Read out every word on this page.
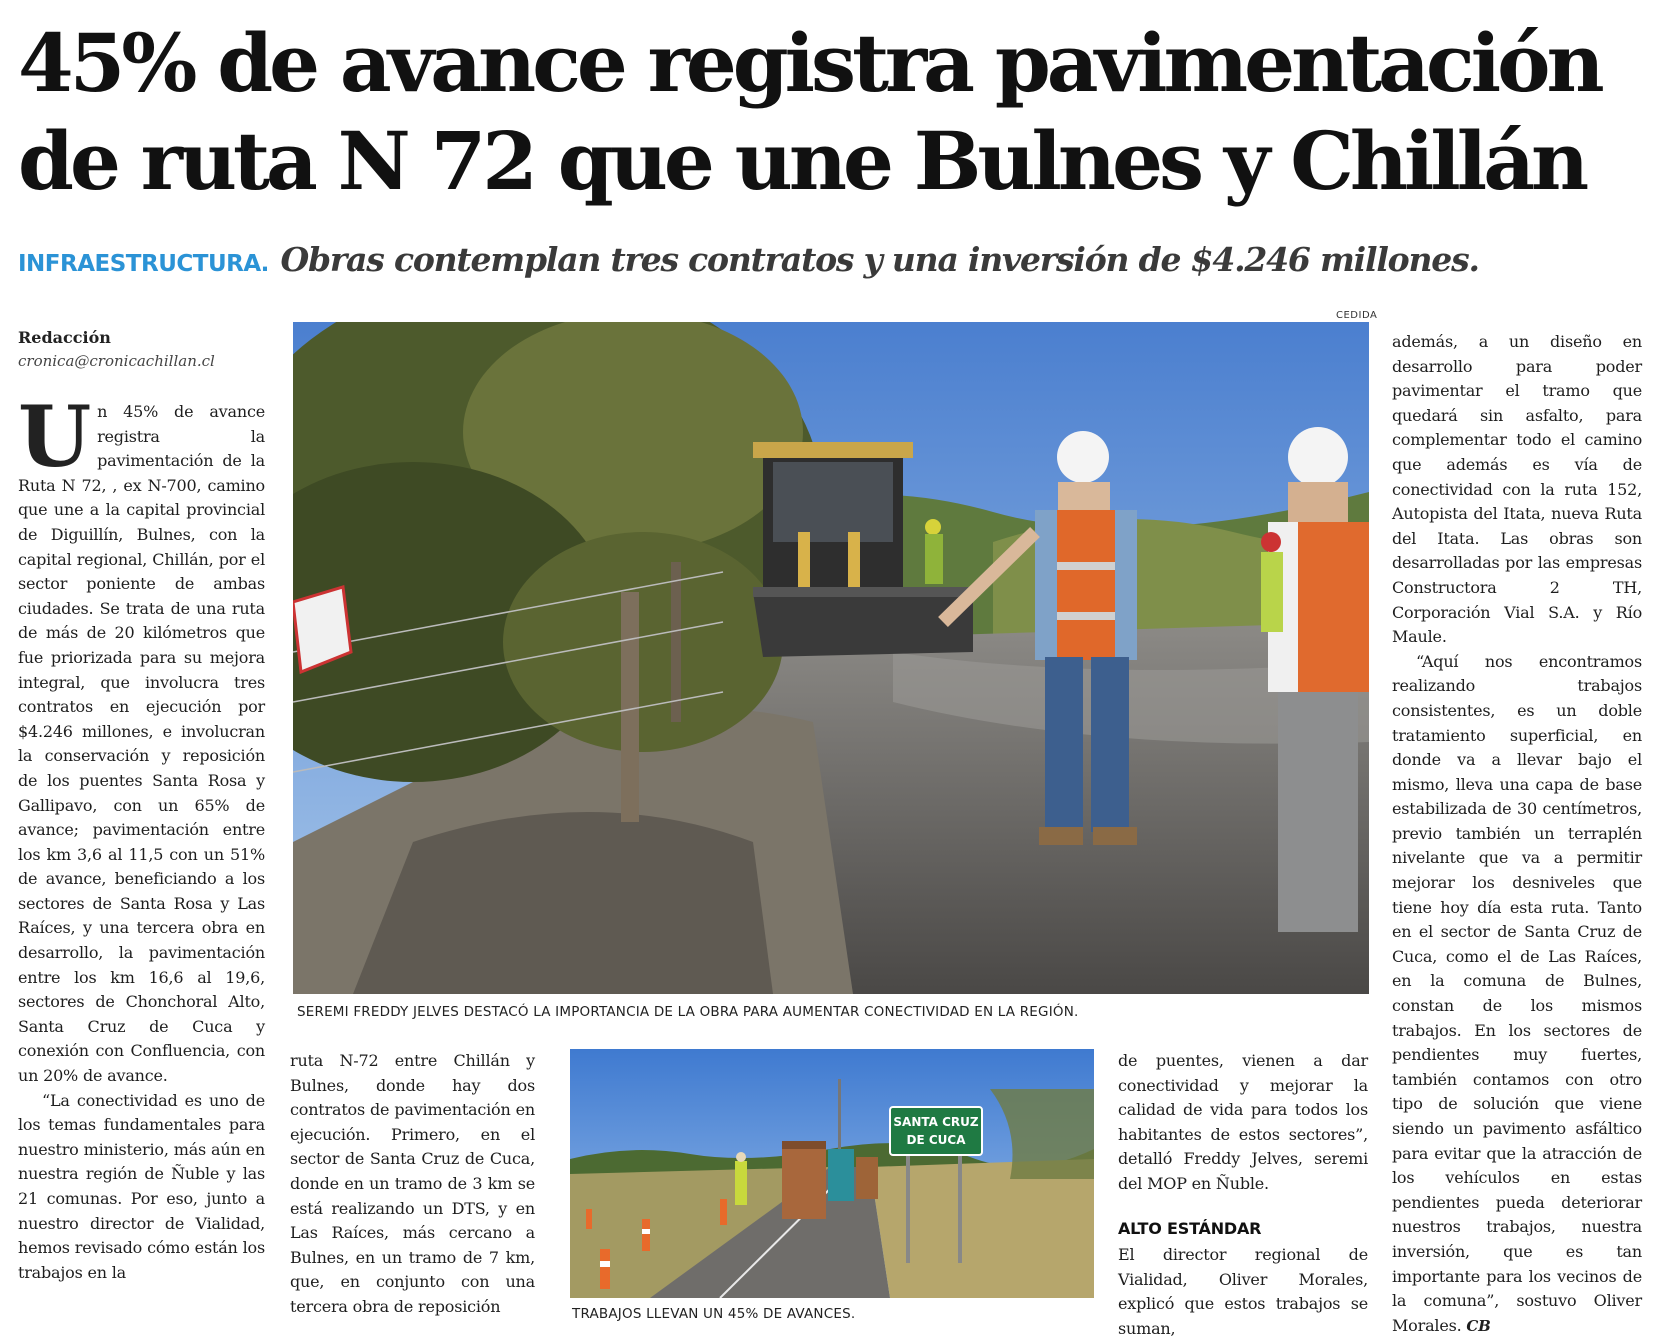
45% de avance registra pavimentación
de ruta N 72 que une Bulnes y Chillán
INFRAESTRUCTURA. Obras contemplan tres contratos y una inversión de $4.246 millones.
Redacción
cronica@cronicachillan.cl

Un 45% de avance registra la pavimentación de la Ruta N 72, , ex N-700, camino que une a la capital provincial de Diguillín, Bulnes, con la capital regional, Chillán, por el sector poniente de ambas ciudades. Se trata de una ruta de más de 20 kilómetros que fue priorizada para su mejora integral, que involucra tres contratos en ejecución por $4.246 millones, e involucran la conservación y reposición de los puentes Santa Rosa y Gallipavo, con un 65% de avance; pavimentación entre los km 3,6 al 11,5 con un 51% de avance, beneficiando a los sectores de Santa Rosa y Las Raíces, y una tercera obra en desarrollo, la pavimentación entre los km 16,6 al 19,6, sectores de Chonchoral Alto, Santa Cruz de Cuca y conexión con Confluencia, con un 20% de avance.

“La conectividad es uno de los temas fundamentales para nuestro ministerio, más aún en nuestra región de Ñuble y las 21 comunas. Por eso, junto a nuestro director de Vialidad, hemos revisado cómo están los trabajos en la

CEDIDA
SEREMI FREDDY JELVES DESTACÓ LA IMPORTANCIA DE LA OBRA PARA AUMENTAR CONECTIVIDAD EN LA REGIÓN.

ruta N-72 entre Chillán y Bulnes, donde hay dos contratos de pavimentación en ejecución. Primero, en el sector de Santa Cruz de Cuca, donde en un tramo de 3 km se está realizando un DTS, y en Las Raíces, más cercano a Bulnes, en un tramo de 7 km, que, en conjunto con una tercera obra de reposición

SANTA CRUZ
DE CUCA
TRABAJOS LLEVAN UN 45% DE AVANCES.

de puentes, vienen a dar conectividad y mejorar la calidad de vida para todos los habitantes de estos sectores”, detalló Freddy Jelves, seremi del MOP en Ñuble.

ALTO ESTÁNDAR

El director regional de Vialidad, Oliver Morales, explicó que estos trabajos se suman,

además, a un diseño en desarrollo para poder pavimentar el tramo que quedará sin asfalto, para complementar todo el camino que además es vía de conectividad con la ruta 152, Autopista del Itata, nueva Ruta del Itata. Las obras son desarrolladas por las empresas Constructora 2 TH, Corporación Vial S.A. y Río Maule.

“Aquí nos encontramos realizando trabajos consistentes, es un doble tratamiento superficial, en donde va a llevar bajo el mismo, lleva una capa de base estabilizada de 30 centímetros, previo también un terraplén nivelante que va a permitir mejorar los desniveles que tiene hoy día esta ruta. Tanto en el sector de Santa Cruz de Cuca, como el de Las Raíces, en la comuna de Bulnes, constan de los mismos trabajos. En los sectores de pendientes muy fuertes, también contamos con otro tipo de solución que viene siendo un pavimento asfáltico para evitar que la atracción de los vehículos en estas pendientes pueda deteriorar nuestros trabajos, nuestra inversión, que es tan importante para los vecinos de la comuna”, sostuvo Oliver Morales. CB
